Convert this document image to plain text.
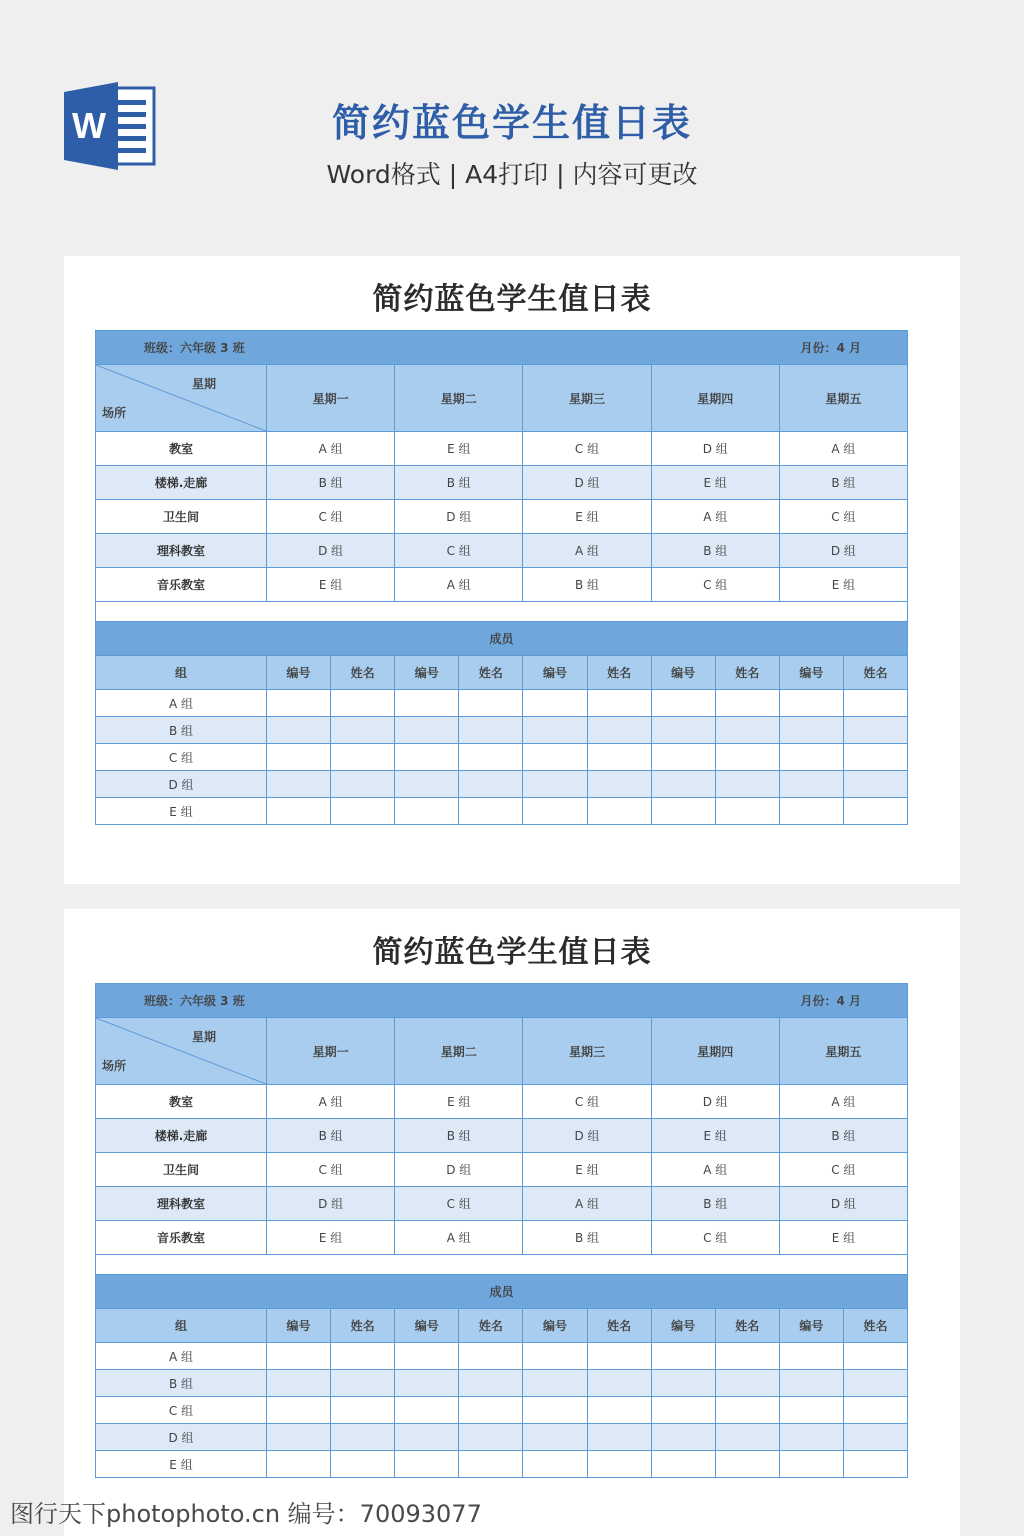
W	简约蓝色学生值日表
Word格式 | A4打印 | 内容可更改
简约蓝色学生值日表
班级：六年级 3 班						月份：4 月				

星期
场所	星期一		星期二		星期三		星期四		星期五	
教室	A 组		E 组		C 组		D 组		A 组	
楼梯.走廊	B 组		B 组		D 组		E 组		B 组	
卫生间	C 组		D 组		E 组		A 组		C 组	
理科教室	D 组		C 组		A 组		B 组		D 组	
音乐教室	E 组		A 组		B 组		C 组		E 组	

成员										
组	编号	姓名	编号	姓名	编号	姓名	编号	姓名	编号	姓名
A 组										
B 组										
C 组										
D 组										
E 组										
简约蓝色学生值日表
班级：六年级 3 班						月份：4 月				

星期
场所	星期一		星期二		星期三		星期四		星期五	
教室	A 组		E 组		C 组		D 组		A 组	
楼梯.走廊	B 组		B 组		D 组		E 组		B 组	
卫生间	C 组		D 组		E 组		A 组		C 组	
理科教室	D 组		C 组		A 组		B 组		D 组	
音乐教室	E 组		A 组		B 组		C 组		E 组	

成员										
组	编号	姓名	编号	姓名	编号	姓名	编号	姓名	编号	姓名
A 组										
B 组										
C 组										
D 组										
E 组										
图行天下photophoto.cn 编号：70093077
